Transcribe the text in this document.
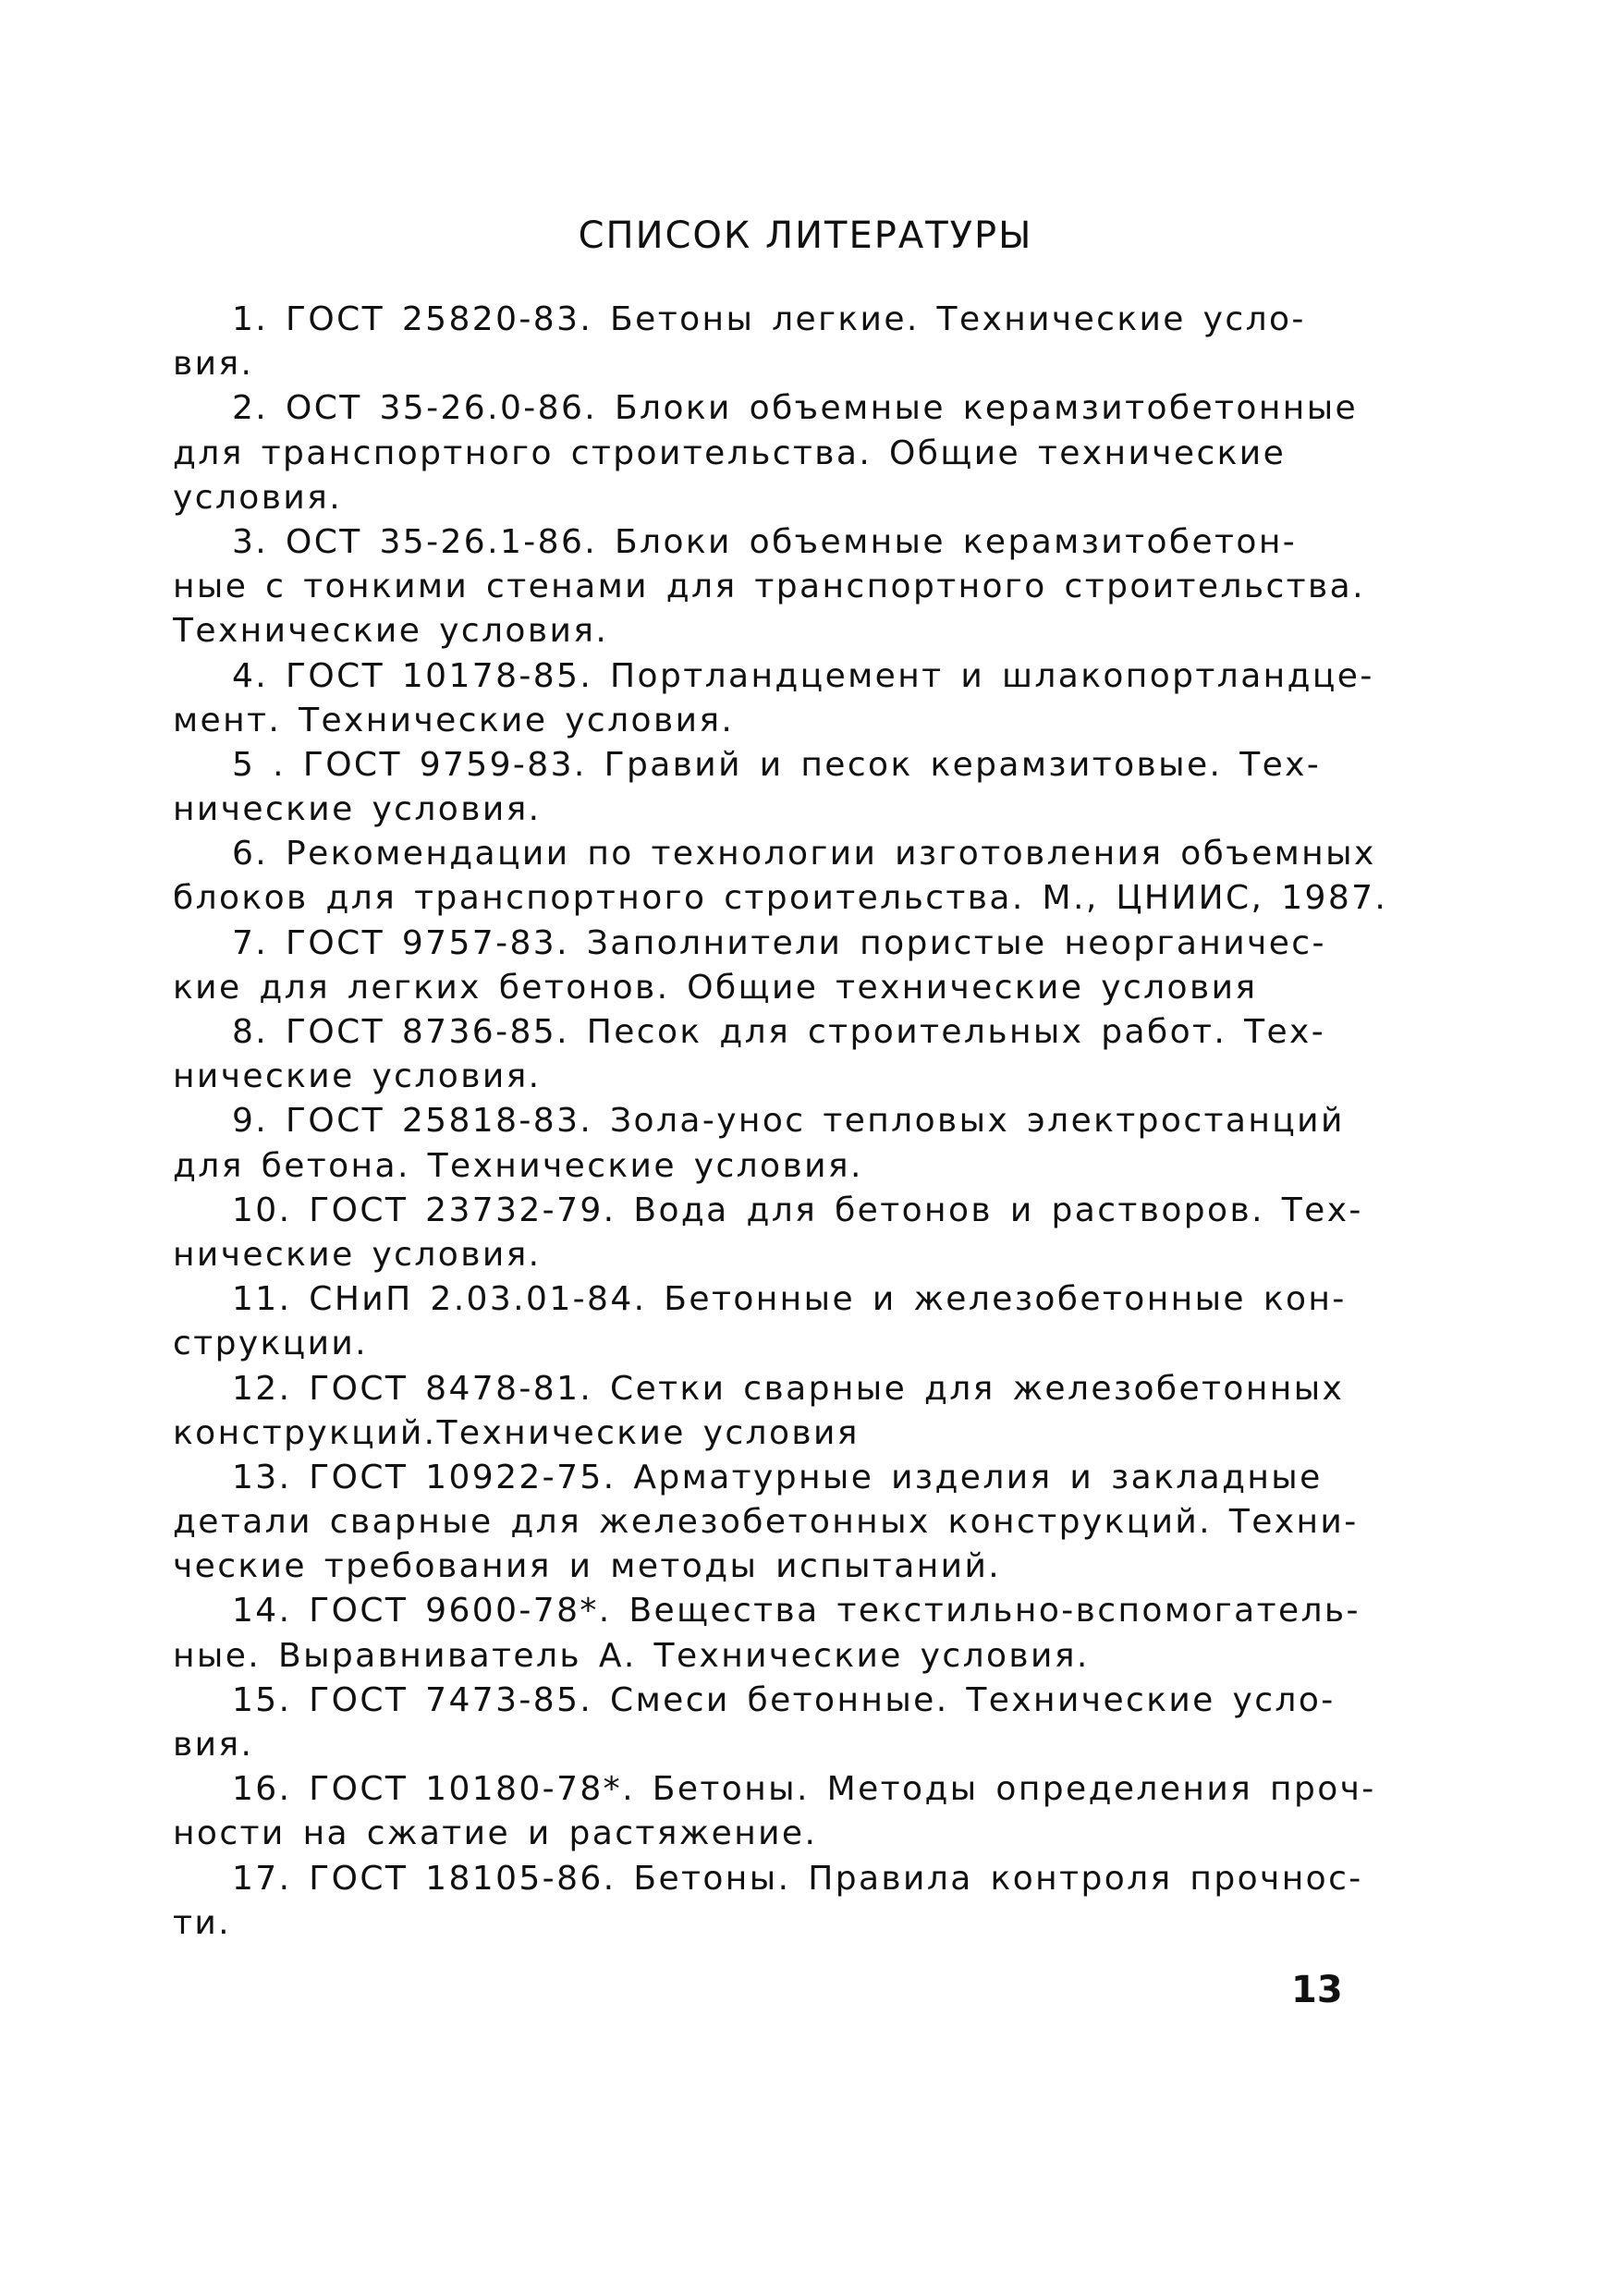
СПИСОК ЛИТЕРАТУРЫ
1. ГОСТ 25820-83. Бетоны легкие. Технические усло-
вия.
2. ОСТ 35-26.0-86. Блоки объемные керамзитобетонные
для транспортного строительства. Общие технические
условия.
3. ОСТ 35-26.1-86. Блоки объемные керамзитобетон-
ные с тонкими стенами для транспортного строительства.
Технические условия.
4. ГОСТ 10178-85. Портландцемент и шлакопортландце-
мент. Технические условия.
5 . ГОСТ 9759-83. Гравий и песок керамзитовые. Тех-
нические условия.
6. Рекомендации по технологии изготовления объемных
блоков для транспортного строительства. М., ЦНИИС, 1987.
7. ГОСТ 9757-83. Заполнители пористые неорганичес-
кие для легких бетонов. Общие технические условия
8. ГОСТ 8736-85. Песок для строительных работ. Тех-
нические условия.
9. ГОСТ 25818-83. Зола-унос тепловых электростанций
для бетона. Технические условия.
10. ГОСТ 23732-79. Вода для бетонов и растворов. Тех-
нические условия.
11. СНиП 2.03.01-84. Бетонные и железобетонные кон-
струкции.
12. ГОСТ 8478-81. Сетки сварные для железобетонных
конструкций.Технические условия
13. ГОСТ 10922-75. Арматурные изделия и закладные
детали сварные для железобетонных конструкций. Техни-
ческие требования и методы испытаний.
14. ГОСТ 9600-78*. Вещества текстильно-вспомогатель-
ные. Выравниватель А. Технические условия.
15. ГОСТ 7473-85. Смеси бетонные. Технические усло-
вия.
16. ГОСТ 10180-78*. Бетоны. Методы определения проч-
ности на сжатие и растяжение.
17. ГОСТ 18105-86. Бетоны. Правила контроля прочнос-
ти.
13
